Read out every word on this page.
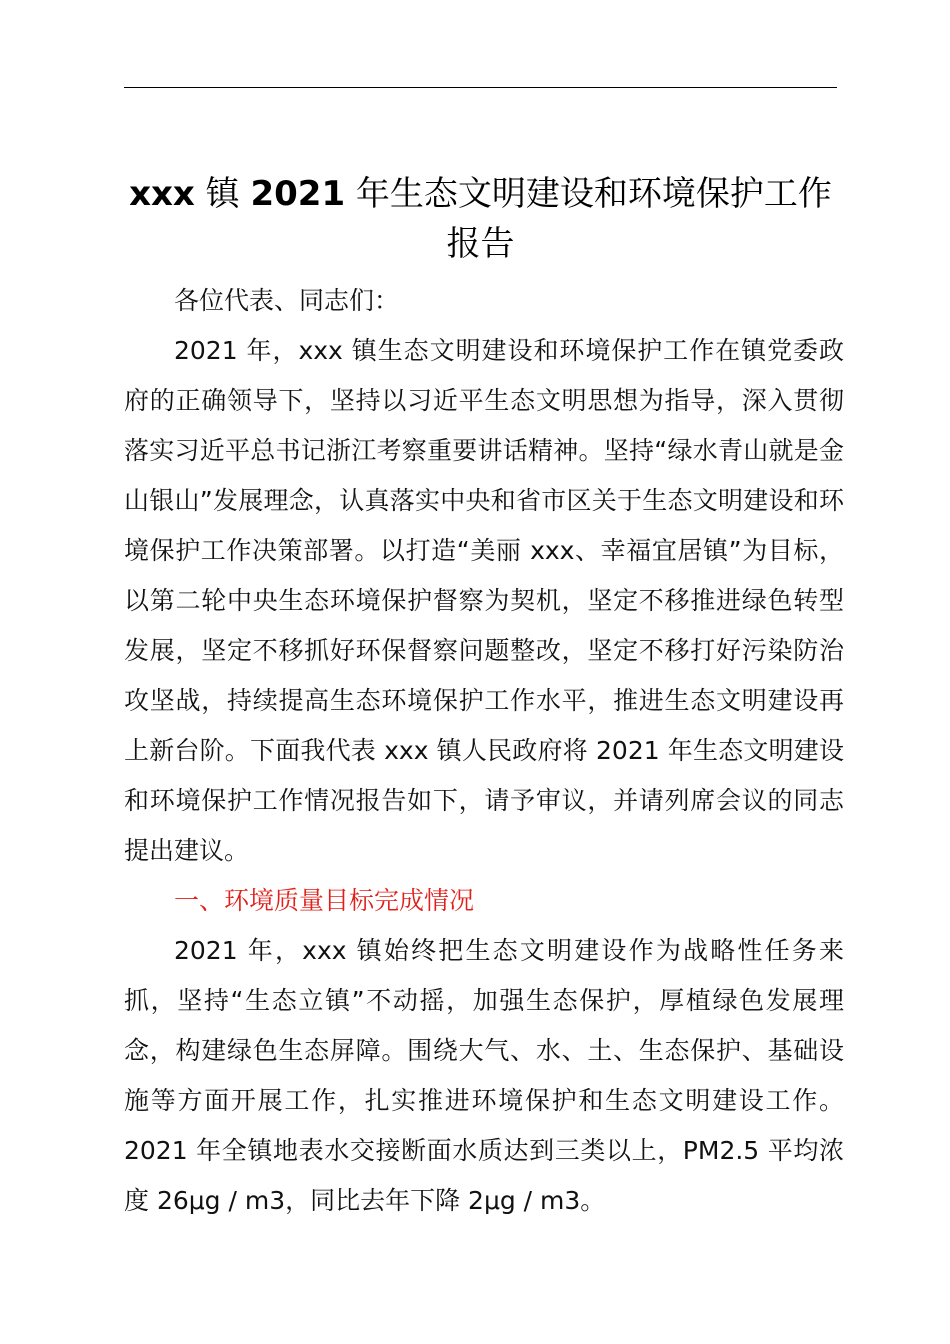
xxx 镇 2021 年生态文明建设和环境保护工作
报告

各位代表、同志们：

2021 年，xxx 镇生态文明建设和环境保护工作在镇党委政府的正确领导下，坚持以习近平生态文明思想为指导，深入贯彻落实习近平总书记浙江考察重要讲话精神。坚持“绿水青山就是金山银山”发展理念，认真落实中央和省市区关于生态文明建设和环境保护工作决策部署。以打造“美丽 xxx、幸福宜居镇”为目标，以第二轮中央生态环境保护督察为契机，坚定不移推进绿色转型发展，坚定不移抓好环保督察问题整改，坚定不移打好污染防治攻坚战，持续提高生态环境保护工作水平，推进生态文明建设再上新台阶。下面我代表 xxx 镇人民政府将 2021 年生态文明建设和环境保护工作情况报告如下，请予审议，并请列席会议的同志提出建议。

一、环境质量目标完成情况

2021 年，xxx 镇始终把生态文明建设作为战略性任务来抓，坚持“生态立镇”不动摇，加强生态保护，厚植绿色发展理念，构建绿色生态屏障。围绕大气、水、土、生态保护、基础设施等方面开展工作，扎实推进环境保护和生态文明建设工作。2021 年全镇地表水交接断面水质达到三类以上，PM2.5 平均浓度 26μg / m3，同比去年下降 2μg / m3。
